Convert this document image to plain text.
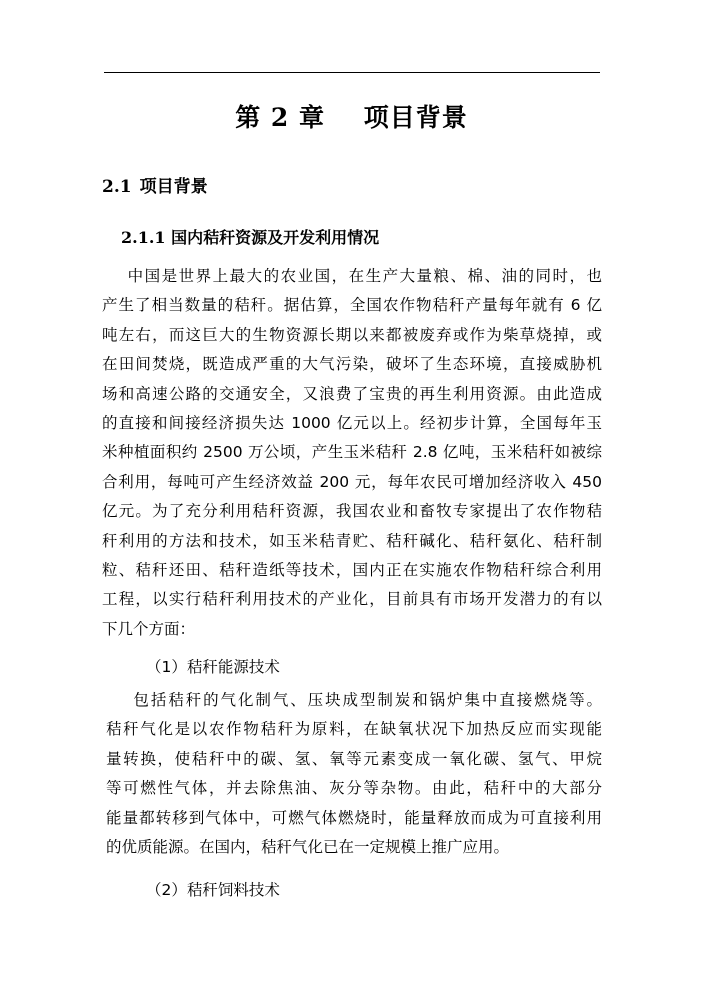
第 2 章    项目背景
2.1 项目背景
2.1.1 国内秸秆资源及开发利用情况
中国是世界上最大的农业国，在生产大量粮、棉、油的同时，也
产生了相当数量的秸秆。据估算，全国农作物秸秆产量每年就有 6 亿
吨左右，而这巨大的生物资源长期以来都被废弃或作为柴草烧掉，或
在田间焚烧，既造成严重的大气污染，破坏了生态环境，直接威胁机
场和高速公路的交通安全，又浪费了宝贵的再生利用资源。由此造成
的直接和间接经济损失达 1000 亿元以上。经初步计算，全国每年玉
米种植面积约 2500 万公顷，产生玉米秸秆 2.8 亿吨，玉米秸秆如被综
合利用，每吨可产生经济效益 200 元，每年农民可增加经济收入 450
亿元。为了充分利用秸秆资源，我国农业和畜牧专家提出了农作物秸
秆利用的方法和技术，如玉米秸青贮、秸秆碱化、秸秆氨化、秸秆制
粒、秸秆还田、秸秆造纸等技术，国内正在实施农作物秸秆综合利用
工程，以实行秸秆利用技术的产业化，目前具有市场开发潜力的有以
下几个方面：
（1）秸秆能源技术
包括秸秆的气化制气、压块成型制炭和锅炉集中直接燃烧等。
秸秆气化是以农作物秸秆为原料，在缺氧状况下加热反应而实现能
量转换，使秸秆中的碳、氢、氧等元素变成一氧化碳、氢气、甲烷
等可燃性气体，并去除焦油、灰分等杂物。由此，秸秆中的大部分
能量都转移到气体中，可燃气体燃烧时，能量释放而成为可直接利用
的优质能源。在国内，秸秆气化已在一定规模上推广应用。
（2）秸秆饲料技术
